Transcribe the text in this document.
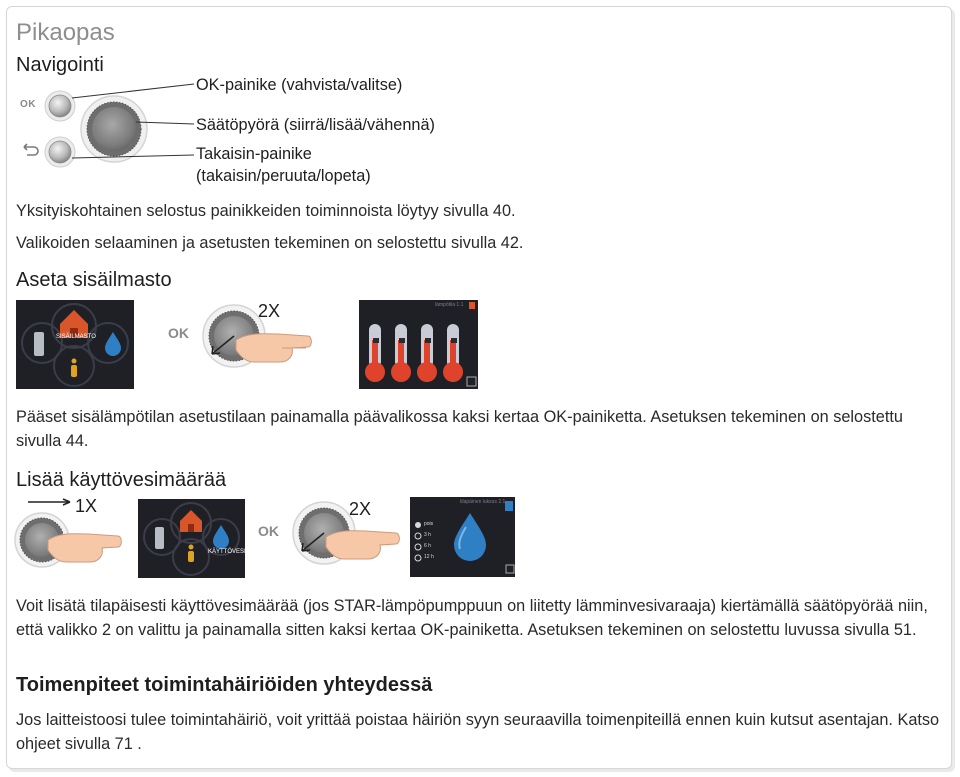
Pikaopas
Navigointi
OK
OK-painike (vahvista/valitse)
Säätöpyörä (siirrä/lisää/vähennä)
Takaisin-painike
(takaisin/peruuta/lopeta)
Yksityiskohtainen selostus painikkeiden toiminnoista löytyy sivulla 40.
Valikoiden selaaminen ja asetusten tekeminen on selostettu sivulla 42.
Aseta sisäilmasto
SISÄILMASTO	OK
2X	lämpötila 1.1
Pääset sisälämpötilan asetustilaan painamalla päävalikossa kaksi kertaa OK-painiketta. Asetuksen tekeminen on selostettu sivulla 44.
Lisää käyttövesimäärää
1X
KÄYTTÖVESI
OK
2X	tilapäinen luksus 2.1
pois
3 h
6 h
12 h
Voit lisätä tilapäisesti käyttövesimäärää (jos STAR-lämpöpumppuun on liitetty lämminvesivaraaja) kiertämällä säätöpyörää niin, että valikko 2 on valittu ja painamalla sitten kaksi kertaa OK-painiketta. Asetuksen tekeminen on selostettu luvussa sivulla 51.
Toimenpiteet toimintahäiriöiden yhteydessä
Jos laitteistoosi tulee toimintahäiriö, voit yrittää poistaa häiriön syyn seuraavilla toimenpiteillä ennen kuin kutsut asentajan. Katso ohjeet sivulla 71 .
